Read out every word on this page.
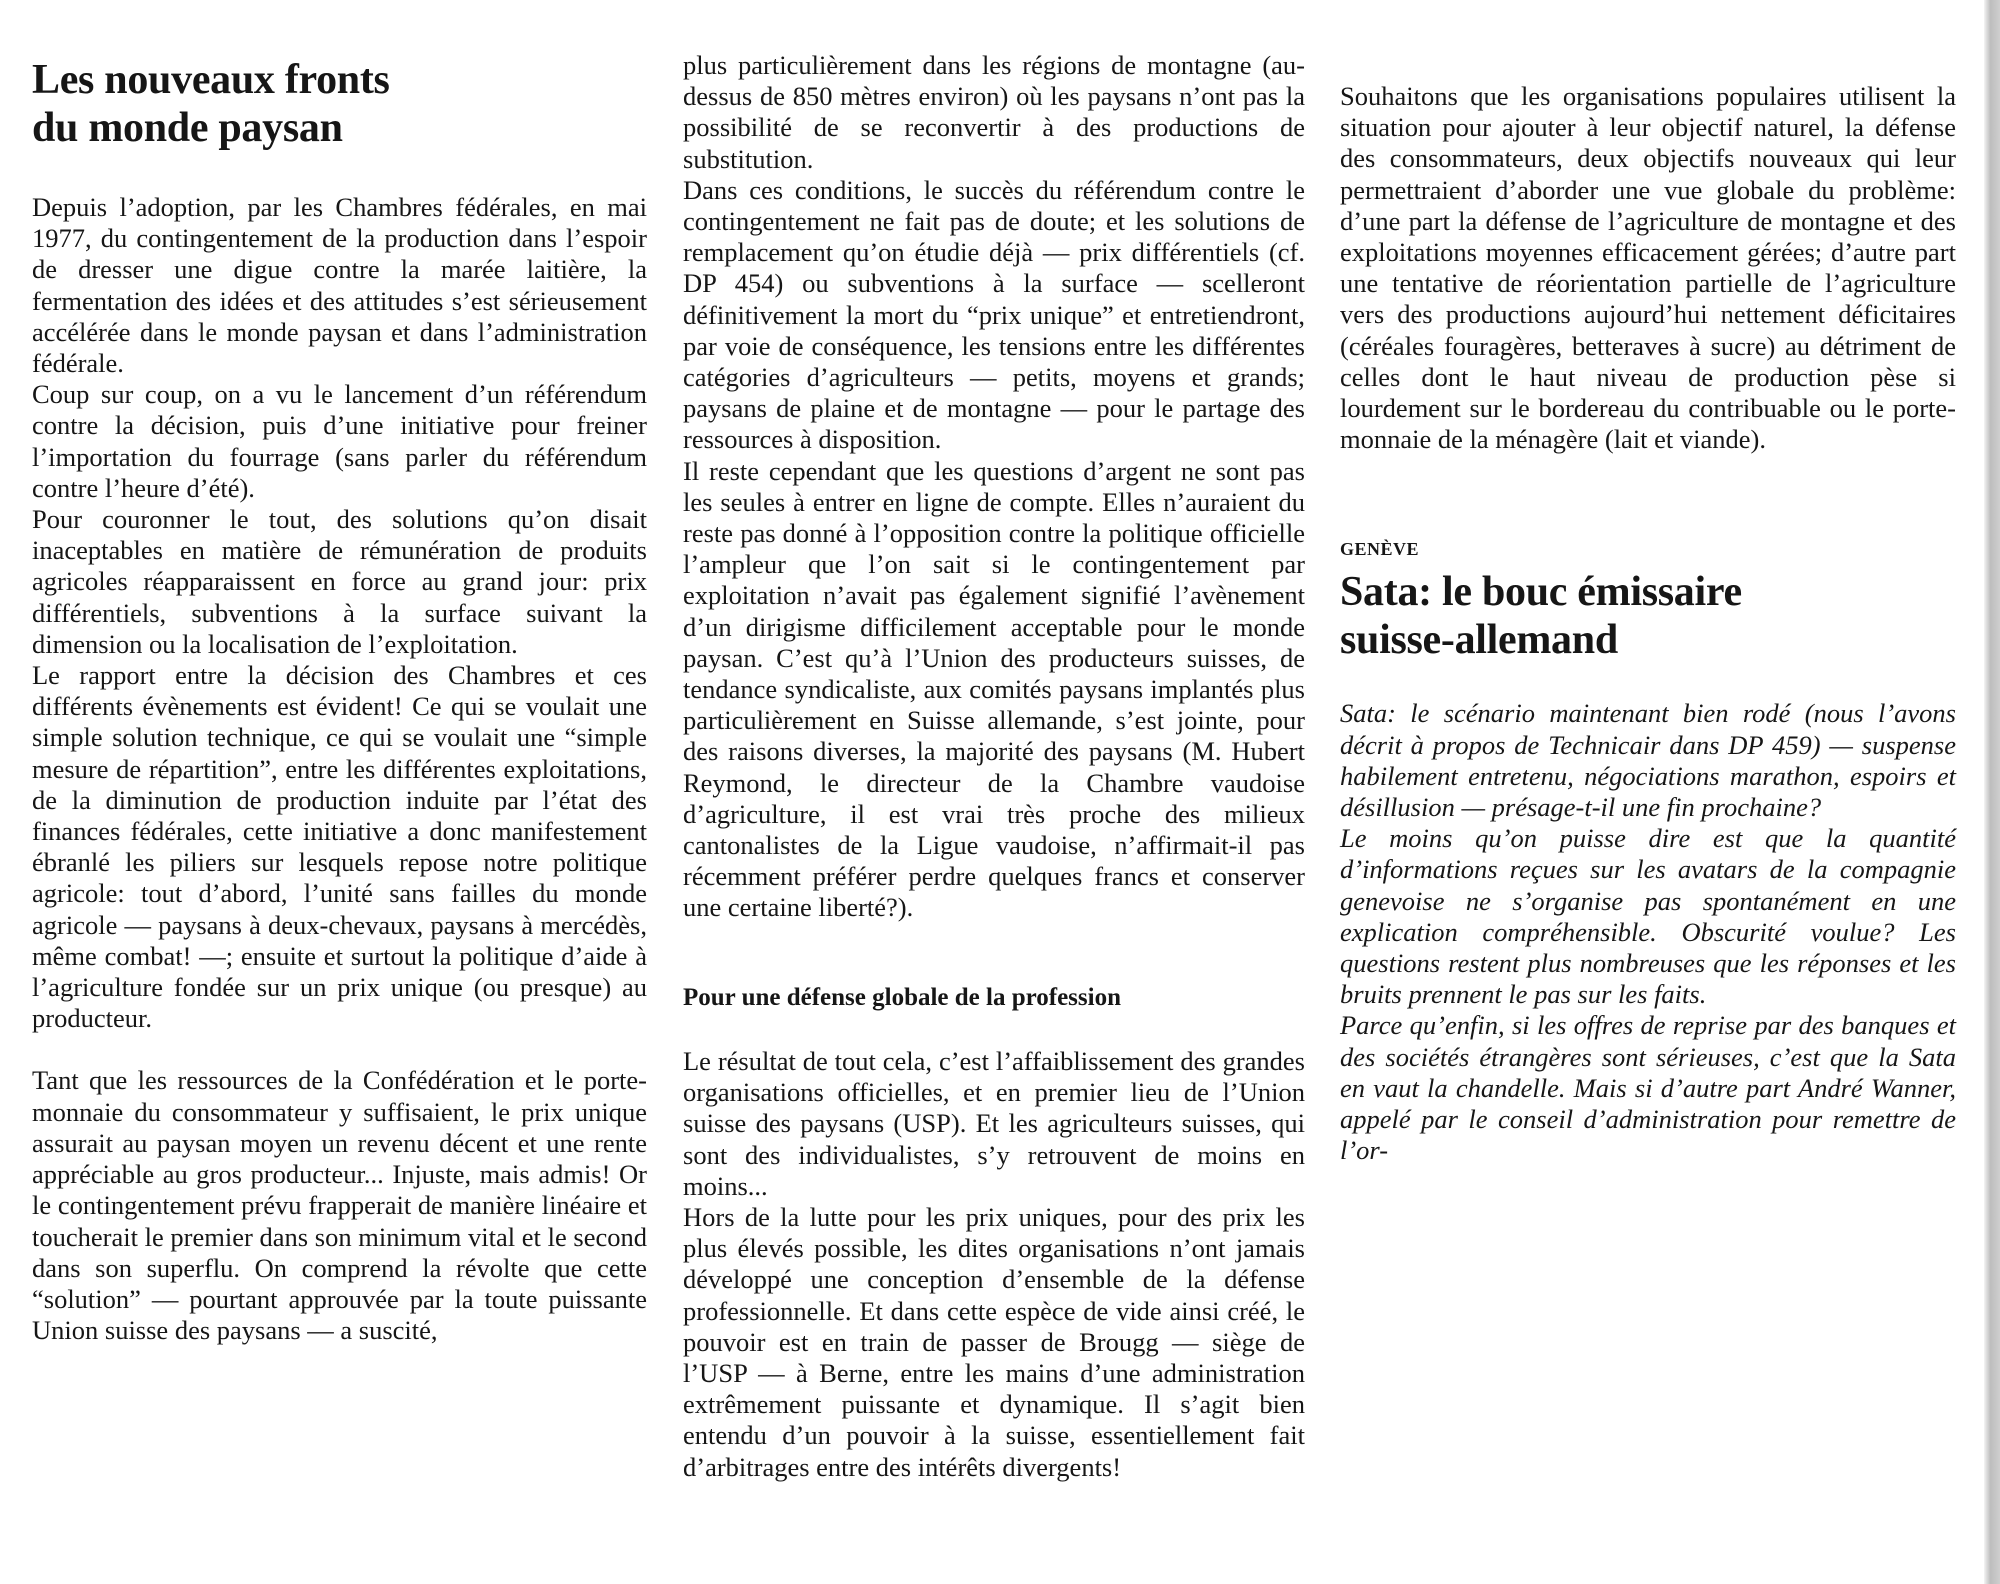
Les nouveaux fronts
du monde paysan

Depuis l’adoption, par les Chambres fédérales, en mai 1977, du contingentement de la production dans l’espoir de dresser une digue contre la marée laitière, la fermentation des idées et des attitudes s’est sérieusement accélérée dans le monde paysan et dans l’administration fédérale.

Coup sur coup, on a vu le lancement d’un référendum contre la décision, puis d’une initiative pour freiner l’importation du fourrage (sans parler du référendum contre l’heure d’été).

Pour couronner le tout, des solutions qu’on disait inaceptables en matière de rémunération de produits agricoles réapparaissent en force au grand jour: prix différentiels, subventions à la surface suivant la dimension ou la localisation de l’exploitation.

Le rapport entre la décision des Chambres et ces différents évènements est évident! Ce qui se voulait une simple solution technique, ce qui se voulait une “simple mesure de répartition”, entre les différentes exploitations, de la diminution de production induite par l’état des finances fédérales, cette initiative a donc manifestement ébranlé les piliers sur lesquels repose notre politique agricole: tout d’abord, l’unité sans failles du monde agricole — paysans à deux-chevaux, paysans à mercédès, même combat! —; ensuite et surtout la politique d’aide à l’agriculture fondée sur un prix unique (ou presque) au producteur.

Tant que les ressources de la Confédération et le porte-monnaie du consommateur y suffisaient, le prix unique assurait au paysan moyen un revenu décent et une rente appréciable au gros producteur... Injuste, mais admis! Or le contingentement prévu frapperait de manière linéaire et toucherait le premier dans son minimum vital et le second dans son superflu. On comprend la révolte que cette “solution” — pourtant approuvée par la toute puissante Union suisse des paysans — a suscité,

plus particulièrement dans les régions de montagne (au-dessus de 850 mètres environ) où les paysans n’ont pas la possibilité de se reconvertir à des productions de substitution.

Dans ces conditions, le succès du référendum contre le contingentement ne fait pas de doute; et les solutions de remplacement qu’on étudie déjà — prix différentiels (cf. DP 454) ou subventions à la surface — scelleront définitivement la mort du “prix unique” et entretiendront, par voie de conséquence, les tensions entre les différentes catégories d’agriculteurs — petits, moyens et grands; paysans de plaine et de montagne — pour le partage des ressources à disposition.

Il reste cependant que les questions d’argent ne sont pas les seules à entrer en ligne de compte. Elles n’auraient du reste pas donné à l’opposition contre la politique officielle l’ampleur que l’on sait si le contingentement par exploitation n’avait pas également signifié l’avènement d’un dirigisme difficilement acceptable pour le monde paysan. C’est qu’à l’Union des producteurs suisses, de tendance syndicaliste, aux comités paysans implantés plus particulièrement en Suisse allemande, s’est jointe, pour des raisons diverses, la majorité des paysans (M. Hubert Reymond, le directeur de la Chambre vaudoise d’agriculture, il est vrai très proche des milieux cantonalistes de la Ligue vaudoise, n’affirmait-il pas récemment préférer perdre quelques francs et conserver une certaine liberté?).

Pour une défense globale de la profession

Le résultat de tout cela, c’est l’affaiblissement des grandes organisations officielles, et en premier lieu de l’Union suisse des paysans (USP). Et les agriculteurs suisses, qui sont des individualistes, s’y retrouvent de moins en moins...

Hors de la lutte pour les prix uniques, pour des prix les plus élevés possible, les dites organisations n’ont jamais développé une conception d’ensemble de la défense professionnelle. Et dans cette espèce de vide ainsi créé, le pouvoir est en train de passer de Brougg — siège de l’USP — à Berne, entre les mains d’une administration extrêmement puissante et dynamique. Il s’agit bien entendu d’un pouvoir à la suisse, essentiellement fait d’arbitrages entre des intérêts divergents!

Souhaitons que les organisations populaires utilisent la situation pour ajouter à leur objectif naturel, la défense des consommateurs, deux objectifs nouveaux qui leur permettraient d’aborder une vue globale du problème: d’une part la défense de l’agriculture de montagne et des exploitations moyennes efficacement gérées; d’autre part une tentative de réorientation partielle de l’agriculture vers des productions aujourd’hui nettement déficitaires (céréales fouragères, betteraves à sucre) au détriment de celles dont le haut niveau de production pèse si lourdement sur le bordereau du contribuable ou le porte-monnaie de la ménagère (lait et viande).

GENÈVE
Sata: le bouc émissaire
suisse-allemand

Sata: le scénario maintenant bien rodé (nous l’avons décrit à propos de Technicair dans DP 459) — suspense habilement entretenu, négociations marathon, espoirs et désillusion — présage-t-il une fin prochaine?

Le moins qu’on puisse dire est que la quantité d’informations reçues sur les avatars de la compagnie genevoise ne s’organise pas spontanément en une explication compréhensible. Obscurité voulue? Les questions restent plus nombreuses que les réponses et les bruits prennent le pas sur les faits.

Parce qu’enfin, si les offres de reprise par des banques et des sociétés étrangères sont sérieuses, c’est que la Sata en vaut la chandelle. Mais si d’autre part André Wanner, appelé par le conseil d’administration pour remettre de l’or-
